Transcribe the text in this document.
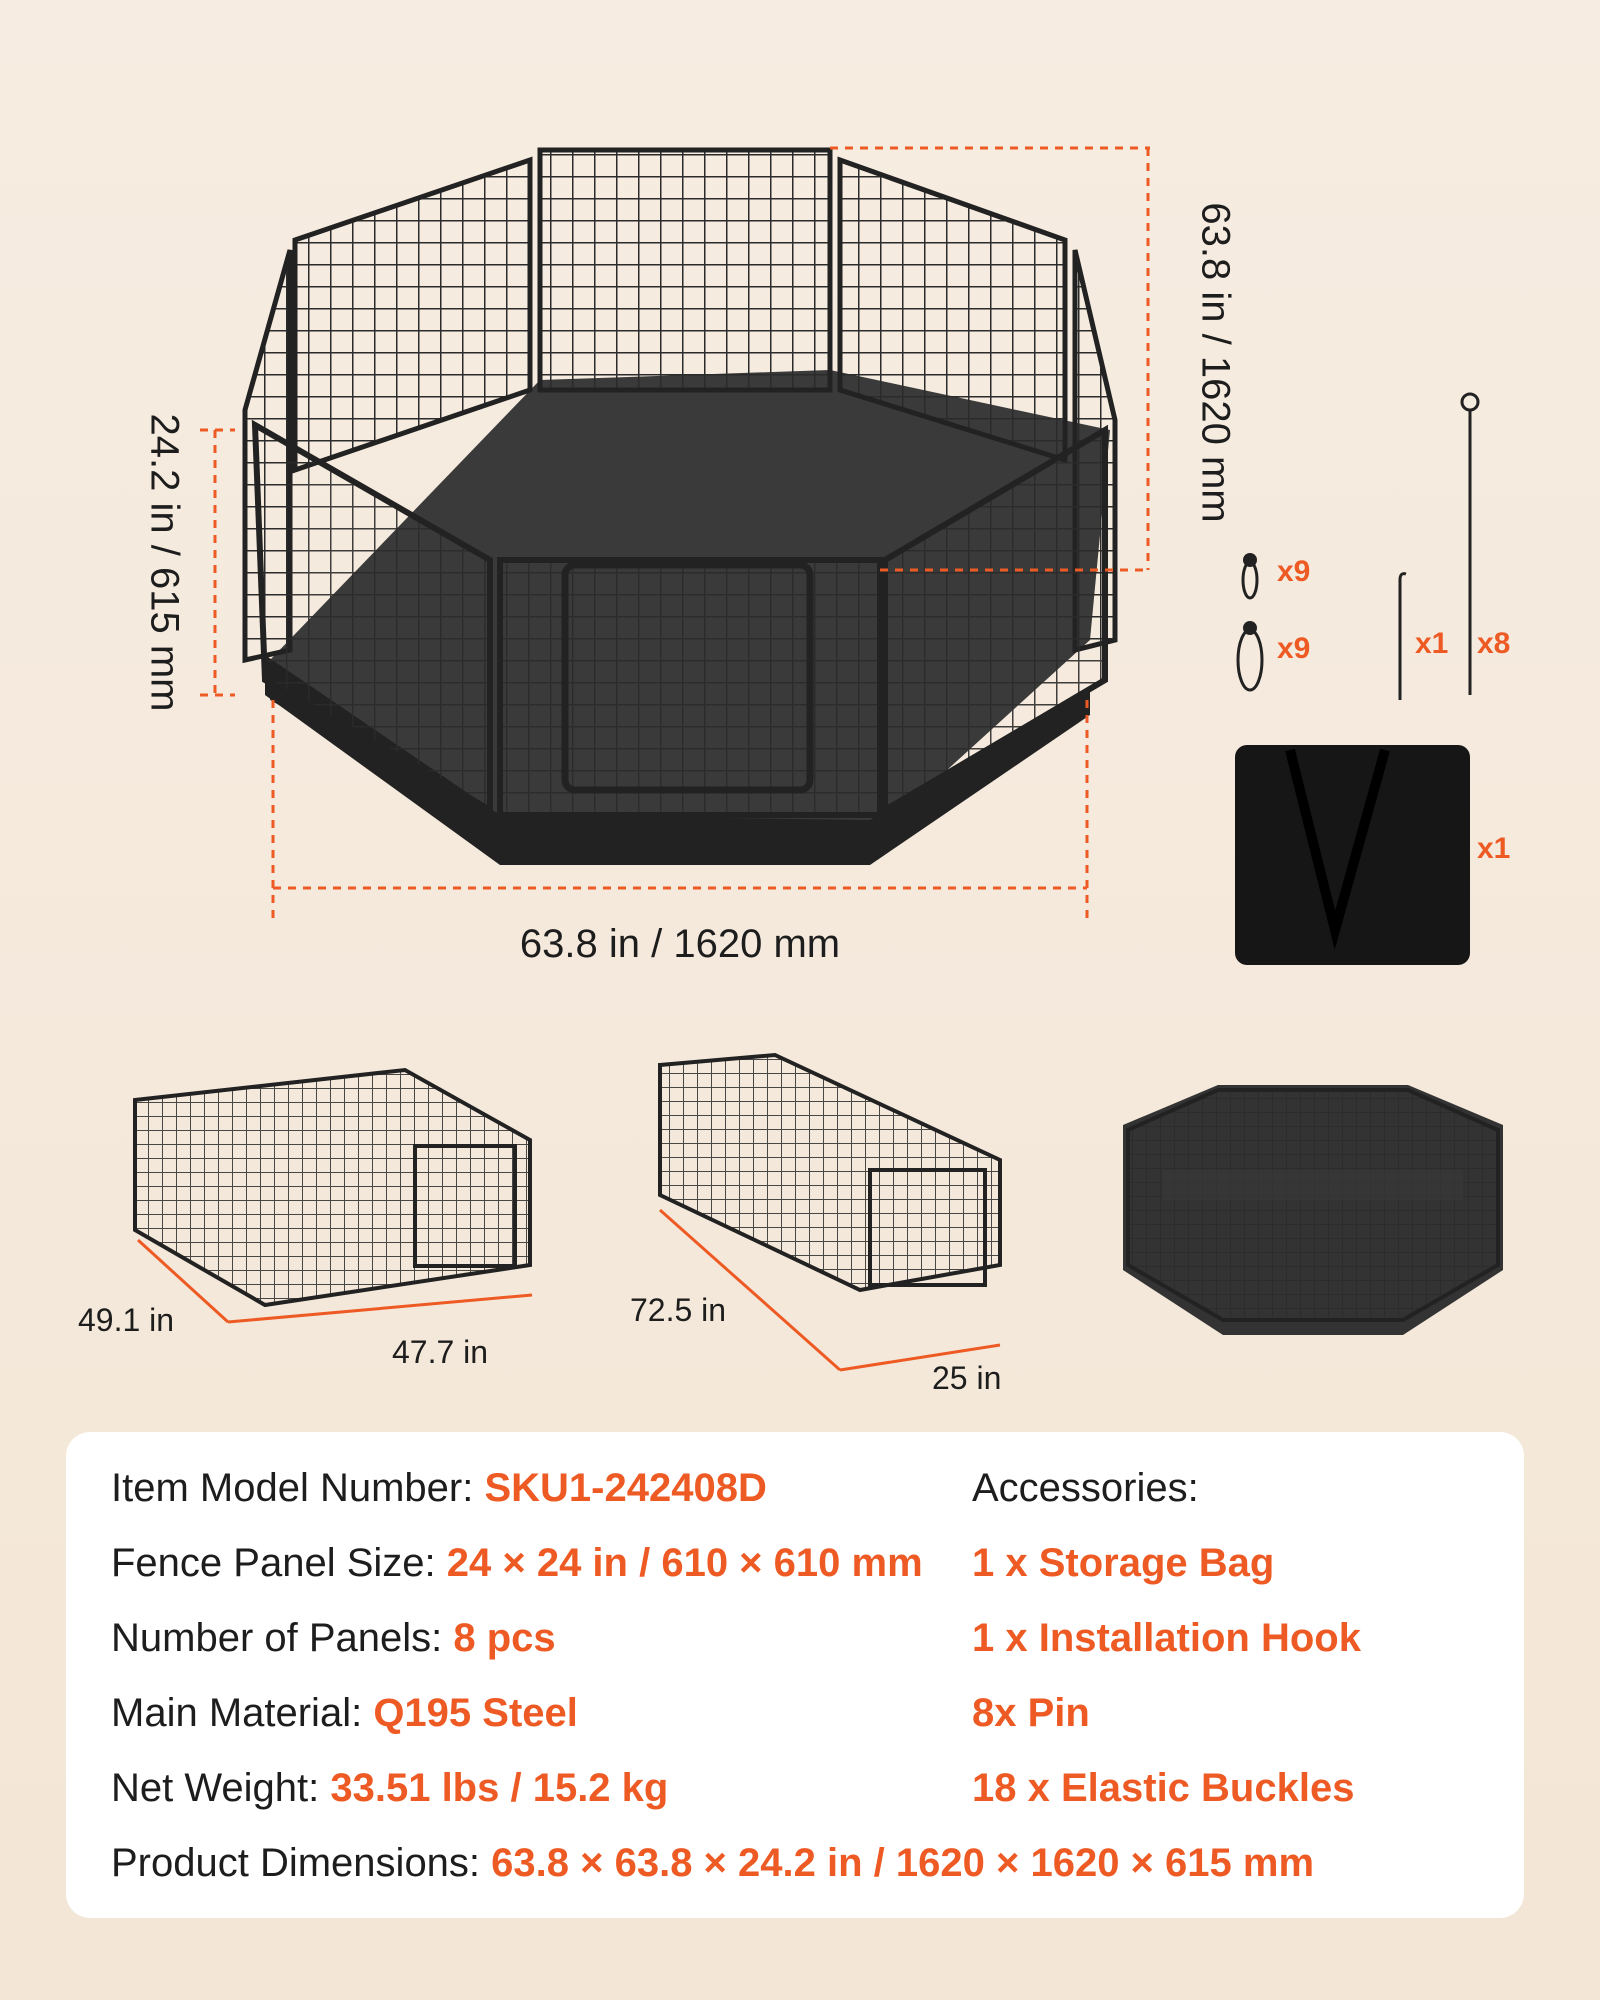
24.2 in / 615 mm
63.8 in / 1620 mm
63.8 in / 1620 mm
x9
x9	x1 x8
x1
49.1 in
47.7 in
72.5 in
25 in
Item Model Number: SKU1-242408D
Fence Panel Size: 24 × 24 in / 610 × 610 mm
Number of Panels: 8 pcs
Main Material: Q195 Steel
Net Weight: 33.51 lbs / 15.2 kg
Product Dimensions: 63.8 × 63.8 × 24.2 in / 1620 × 1620 × 615 mm
Accessories:
1 x Storage Bag
1 x Installation Hook
8x Pin
18 x Elastic Buckles
